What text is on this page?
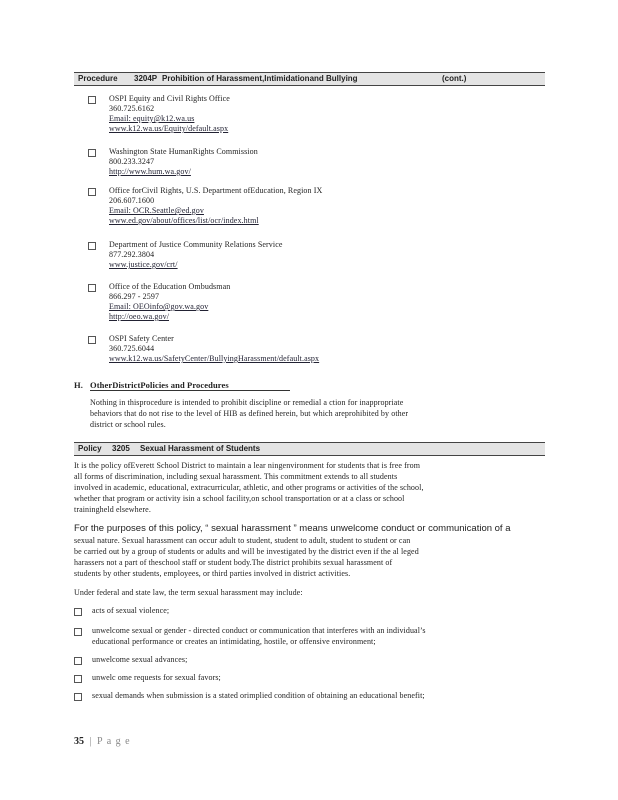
Procedure 3204P Prohibition of Harassment,Intimidationand Bullying	(cont.)
OSPI Equity and Civil Rights Office
360.725.6162
Email: equity@k12.wa.us
www.k12.wa.us/Equity/default.aspx
Washington State HumanRights Commission
800.233.3247
http://www.hum.wa.gov/
Office forCivil Rights, U.S. Department ofEducation, Region IX
206.607.1600
Email: OCR.Seattle@ed.gov
www.ed.gov/about/offices/list/ocr/index.html
Department of Justice Community Relations Service
877.292.3804
www.justice.gov/crt/
Office of the Education Ombudsman
866.297 - 2597
Email: OEOinfo@gov.wa.gov
http://oeo.wa.gov/
OSPI Safety Center
360.725.6044
www.k12.wa.us/SafetyCenter/BullyingHarassment/default.aspx
H. OtherDistrictPolicies and Procedures
Nothing in thisprocedure is intended to prohibit discipline or remedial a ction for inappropriate
behaviors that do not rise to the level of HIB as defined herein, but which areprohibited by other
district or school rules.
Policy 3205 Sexual Harassment of Students
It is the policy ofEverett School District to maintain a lear ningenvironment for students that is free from
all forms of discrimination, including sexual harassment. This commitment extends to all students
involved in academic, educational, extracurricular, athletic, and other programs or activities of the school,
whether that program or activity isin a school facility,on school transportation or at a class or school
trainingheld elsewhere.
For the purposes of this policy, “ sexual harassment ” means unwelcome conduct or communication of a
sexual nature. Sexual harassment can occur adult to student, student to adult, student to student or can
be carried out by a group of students or adults and will be investigated by the district even if the al leged
harassers not a part of theschool staff or student body.The district prohibits sexual harassment of
students by other students, employees, or third parties involved in district activities.
Under federal and state law, the term sexual harassment may include:
acts of sexual violence;
unwelcome sexual or gender - directed conduct or communication that interferes with an individual’s
educational performance or creates an intimidating, hostile, or offensive environment;
unwelcome sexual advances;
unwelc ome requests for sexual favors;
sexual demands when submission is a stated orimplied condition of obtaining an educational benefit;
35 | P a g e
